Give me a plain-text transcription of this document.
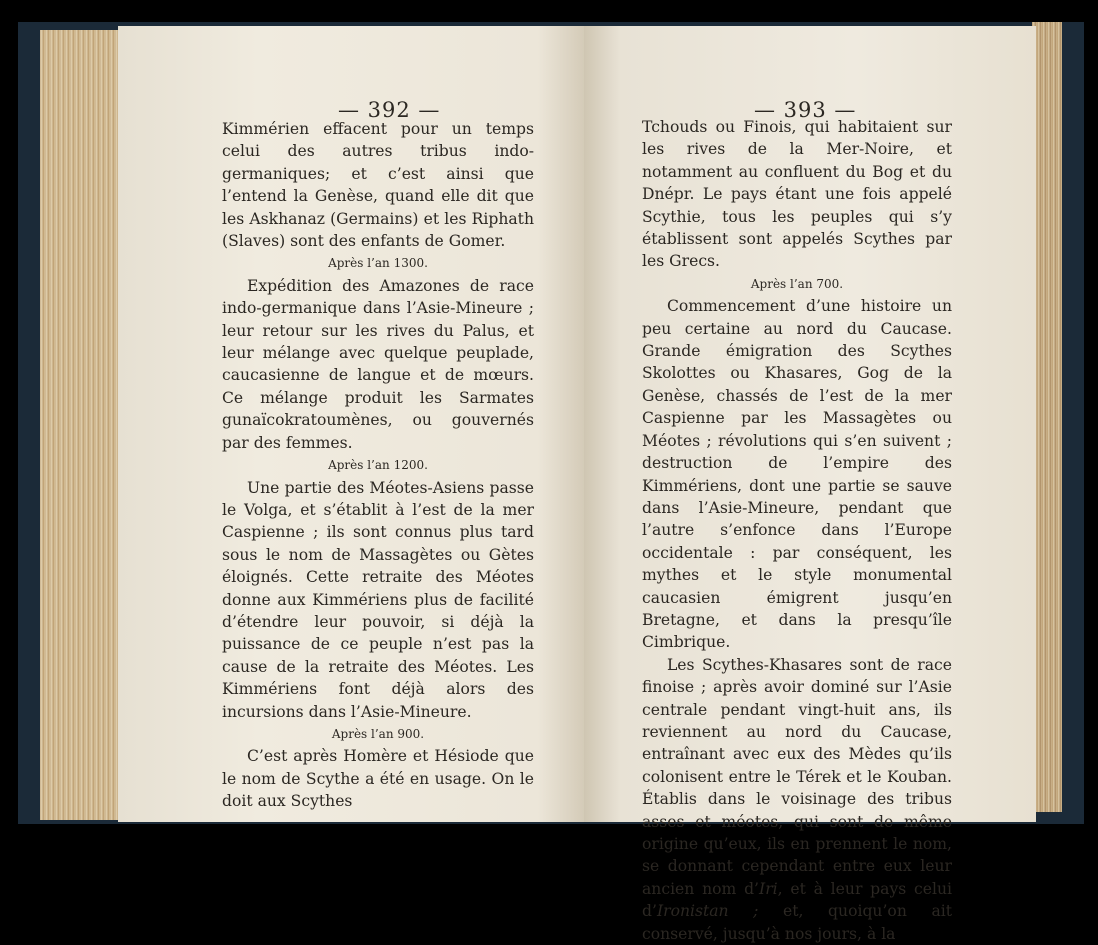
— 392 —

Kimmérien effacent pour un temps celui des autres tribus indo-germaniques; et c’est ainsi que l’entend la Genèse, quand elle dit que les Askhanaz (Germains) et les Riphath (Slaves) sont des enfants de Gomer.

Après l’an 1300.

Expédition des Amazones de race indo-germanique dans l’Asie-Mineure ; leur retour sur les rives du Palus, et leur mélange avec quelque peuplade, caucasienne de langue et de mœurs. Ce mélange produit les Sarmates gunaïcokratoumènes, ou gouvernés par des femmes.

Après l’an 1200.

Une partie des Méotes-Asiens passe le Volga, et s’établit à l’est de la mer Caspienne ; ils sont connus plus tard sous le nom de Massagètes ou Gètes éloignés. Cette retraite des Méotes donne aux Kimmériens plus de facilité d’étendre leur pouvoir, si déjà la puissance de ce peuple n’est pas la cause de la retraite des Méotes. Les Kimmériens font déjà alors des incursions dans l’Asie-Mineure.

Après l’an 900.

C’est après Homère et Hésiode que le nom de Scythe a été en usage. On le doit aux Scythes

— 393 —

Tchouds ou Finois, qui habitaient sur les rives de la Mer-Noire, et notamment au confluent du Bog et du Dnépr. Le pays étant une fois appelé Scythie, tous les peuples qui s’y établissent sont appelés Scythes par les Grecs.

Après l’an 700.

Commencement d’une histoire un peu certaine au nord du Caucase. Grande émigration des Scythes Skolottes ou Khasares, Gog de la Genèse, chassés de l’est de la mer Caspienne par les Massagètes ou Méotes ; révolutions qui s’en suivent ; destruction de l’empire des Kimmériens, dont une partie se sauve dans l’Asie-Mineure, pendant que l’autre s’enfonce dans l’Europe occidentale : par conséquent, les mythes et le style monumental caucasien émigrent jusqu’en Bretagne, et dans la presqu’île Cimbrique.

Les Scythes-Khasares sont de race finoise ; après avoir dominé sur l’Asie centrale pendant vingt-huit ans, ils reviennent au nord du Caucase, entraînant avec eux des Mèdes qu’ils colonisent entre le Térek et le Kouban. Établis dans le voisinage des tribus asses et méotes, qui sont de même origine qu’eux, ils en prennent le nom, se donnant cependant entre eux leur ancien nom d’Iri, et à leur pays celui d’Ironistan ; et, quoiqu’on ait conservé, jusqu’à nos jours, à la
